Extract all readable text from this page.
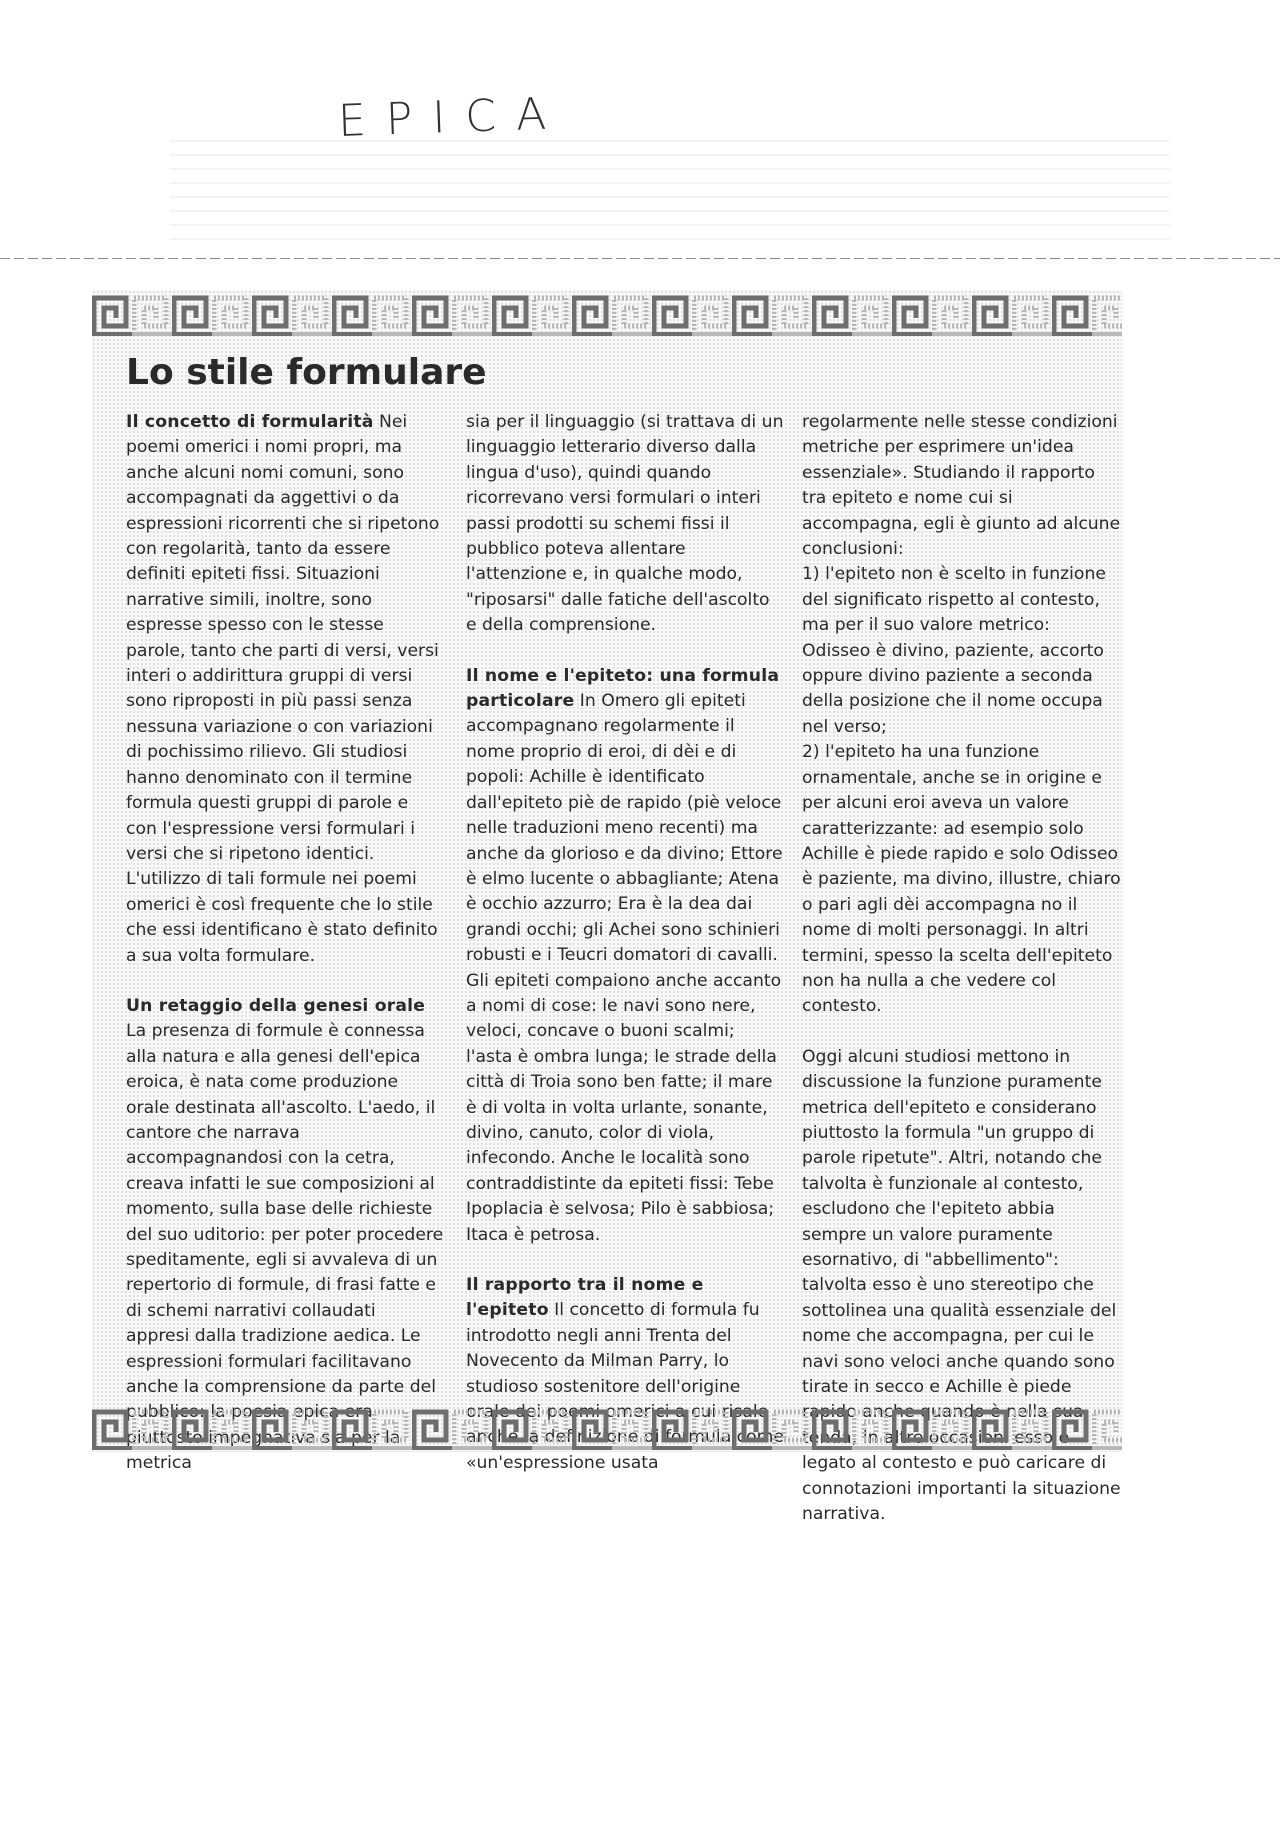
EPICA
Lo stile formulare

Il concetto di formularità Nei poemi omerici i nomi propri, ma anche alcuni nomi comuni, sono accompagnati da aggettivi o da espressioni ricorrenti che si ripetono con regolarità, tanto da essere definiti epiteti fissi. Situazioni narrative simili, inoltre, sono espresse spesso con le stesse parole, tanto che parti di versi, versi interi o addirittura gruppi di versi sono riproposti in più passi senza nessuna variazione o con variazioni di pochissimo rilievo. Gli studiosi hanno denominato con il termine formula questi gruppi di parole e con l'espressione versi formulari i versi che si ripetono identici. L'utilizzo di tali formule nei poemi omerici è così frequente che lo stile che essi identificano è stato definito a sua volta formulare.

Un retaggio della genesi orale
La presenza di formule è connessa alla natura e alla genesi dell'epica eroica, è nata come produzione orale destinata all'ascolto. L'aedo, il cantore che narrava accompagnandosi con la cetra, creava infatti le sue composizioni al momento, sulla base delle richieste del suo uditorio: per poter procedere speditamente, egli si avvaleva di un repertorio di formule, di frasi fatte e di schemi narrativi collaudati appresi dalla tradizione aedica. Le espressioni formulari facilitavano anche la comprensione da parte del pubblico: la poesia epica era piuttosto impegnativa sia per la metrica

sia per il linguaggio (si trattava di un linguaggio letterario diverso dalla lingua d'uso), quindi quando ricorrevano versi formulari o interi passi prodotti su schemi fissi il pubblico poteva allentare l'attenzione e, in qualche modo, "riposarsi" dalle fatiche dell'ascolto e della comprensione.

Il nome e l'epiteto: una formula particolare In Omero gli epiteti accompagnano regolarmente il nome proprio di eroi, di dèi e di popoli: Achille è identificato dall'epiteto piè de rapido (piè veloce nelle traduzioni meno recenti) ma anche da glorioso e da divino; Ettore è elmo lucente o abbagliante; Atena è occhio azzurro; Era è la dea dai grandi occhi; gli Achei sono schinieri robusti e i Teucri domatori di cavalli. Gli epiteti compaiono anche accanto a nomi di cose: le navi sono nere, veloci, concave o buoni scalmi; l'asta è ombra lunga; le strade della città di Troia sono ben fatte; il mare è di volta in volta urlante, sonante, divino, canuto, color di viola, infecondo. Anche le località sono contraddistinte da epiteti fissi: Tebe Ipoplacia è selvosa; Pilo è sabbiosa; Itaca è petrosa.

Il rapporto tra il nome e l'epiteto Il concetto di formula fu introdotto negli anni Trenta del Novecento da Milman Parry, lo studioso sostenitore dell'origine orale dei poemi omerici a cui risale anche la definizione di formula come «un'espressione usata

regolarmente nelle stesse condizioni metriche per esprimere un'idea essenziale». Studiando il rapporto tra epiteto e nome cui si accompagna, egli è giunto ad alcune conclusioni:
1) l'epiteto non è scelto in funzione del significato rispetto al contesto, ma per il suo valore metrico: Odisseo è divino, paziente, accorto oppure divino paziente a seconda della posizione che il nome occupa nel verso;

2) l'epiteto ha una funzione ornamentale, anche se in origine e per alcuni eroi aveva un valore caratterizzante: ad esempio solo Achille è piede rapido e solo Odisseo è paziente, ma divino, illustre, chiaro o pari agli dèi accompagna no il nome di molti personaggi. In altri termini, spesso la scelta dell'epiteto non ha nulla a che vedere col contesto.

Oggi alcuni studiosi mettono in discussione la funzione puramente metrica dell'epiteto e considerano piuttosto la formula "un gruppo di parole ripetute". Altri, notando che talvolta è funzionale al contesto, escludono che l'epiteto abbia sempre un valore puramente esornativo, di "abbellimento": talvolta esso è uno stereotipo che sottolinea una qualità essenziale del nome che accompagna, per cui le navi sono veloci anche quando sono tirate in secco e Achille è piede rapido anche quando è nella sua tenda; in altre occasioni esso è legato al contesto e può caricare di connotazioni importanti la situazione narrativa.
